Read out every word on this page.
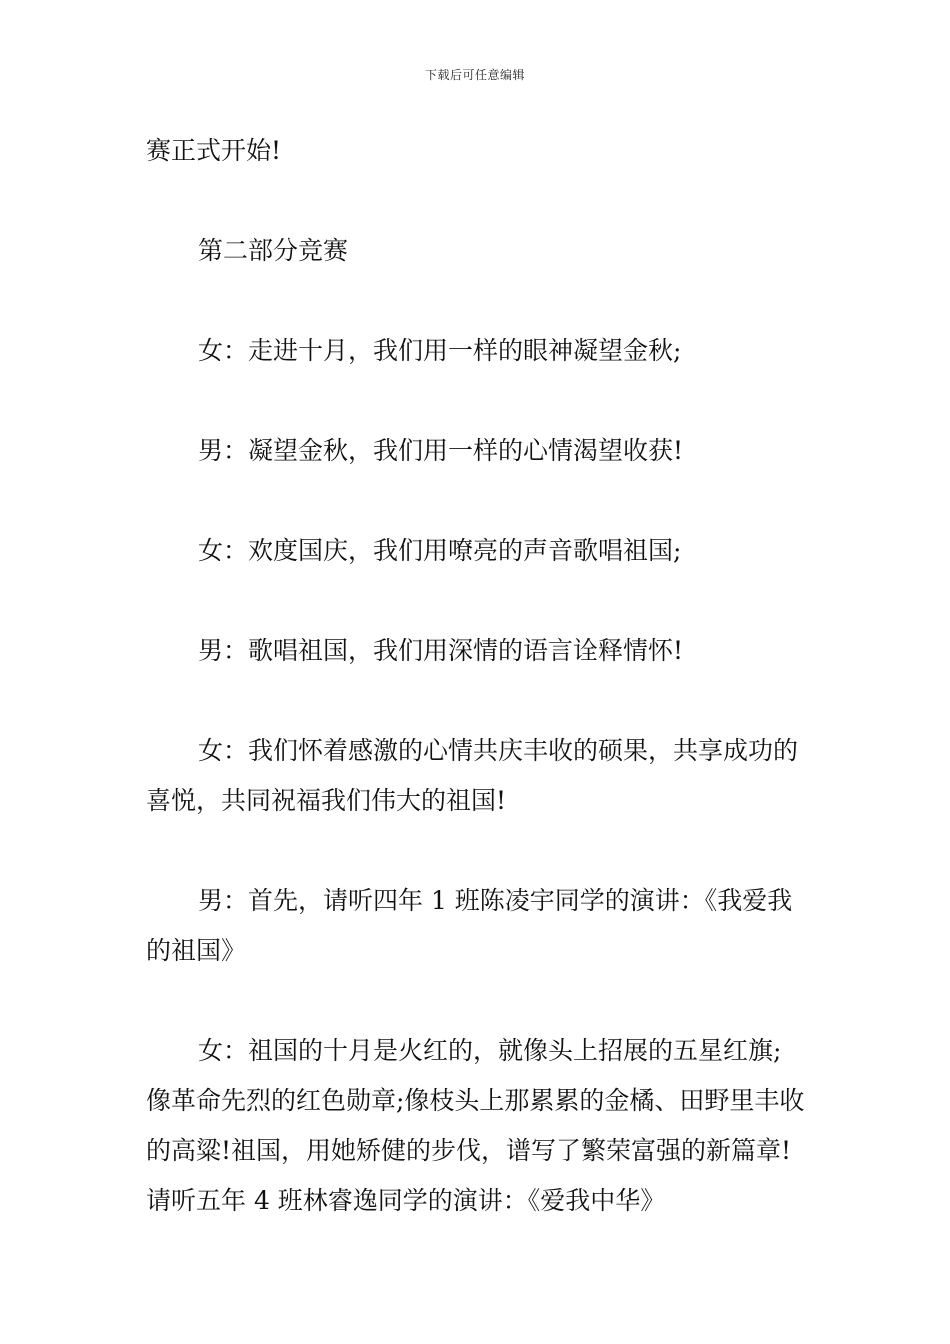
下载后可任意编辑

赛正式开始!

第二部分竞赛

女：走进十月，我们用一样的眼神凝望金秋;

男：凝望金秋，我们用一样的心情渴望收获!

女：欢度国庆，我们用嘹亮的声音歌唱祖国;

男：歌唱祖国，我们用深情的语言诠释情怀!

女：我们怀着感激的心情共庆丰收的硕果，共享成功的喜悦，共同祝福我们伟大的祖国!

男：首先，请听四年 1 班陈凌宇同学的演讲：《我爱我的祖国》

女：祖国的十月是火红的，就像头上招展的五星红旗;像革命先烈的红色勋章;像枝头上那累累的金橘、田野里丰收的高粱!祖国，用她矫健的步伐，谱写了繁荣富强的新篇章!请听五年 4 班林睿逸同学的演讲：《爱我中华》
